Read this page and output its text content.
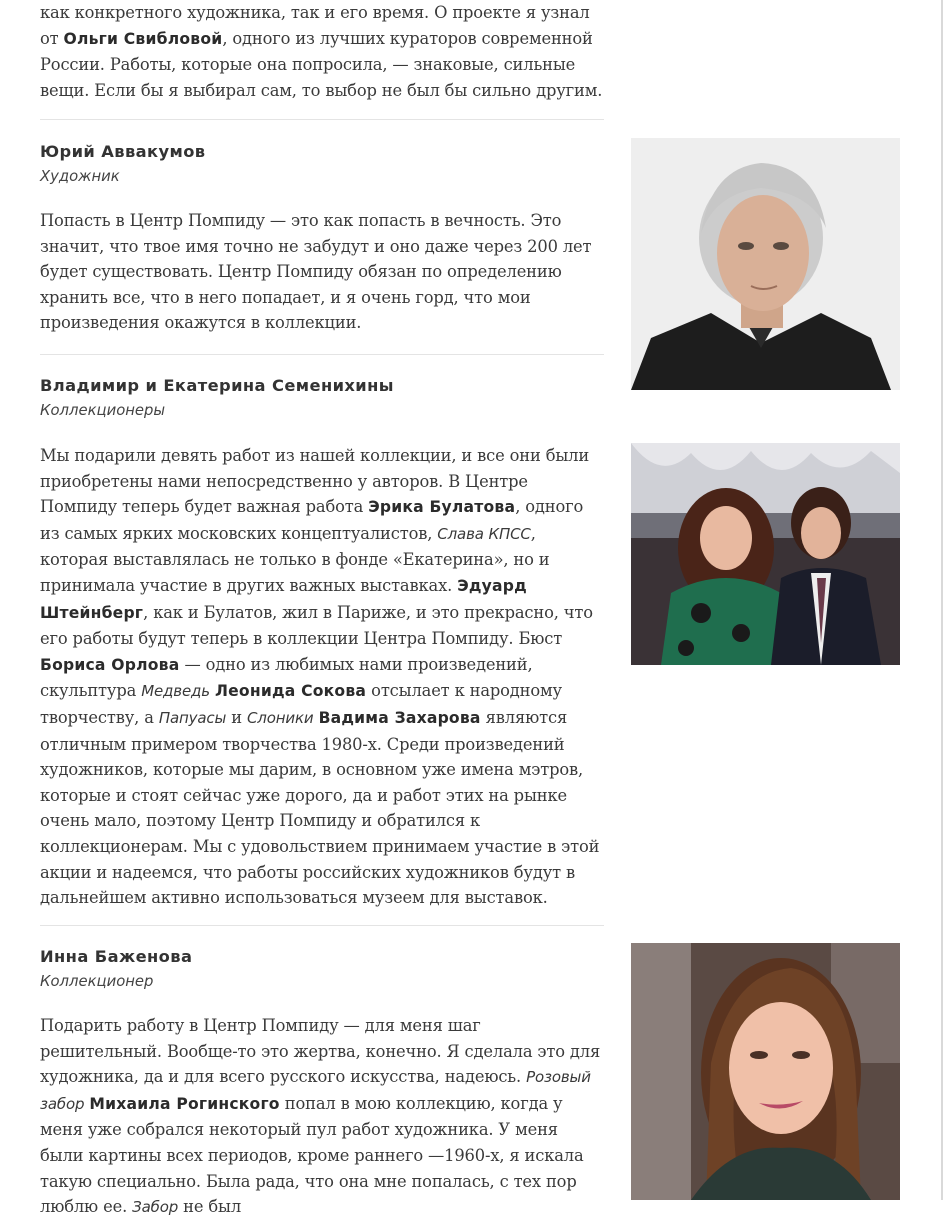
как конкретного художника, так и его время. О проекте я узнал от Ольги Свибловой, одного из лучших кураторов современной России. Работы, которые она попросила, — знаковые, сильные вещи. Если бы я выбирал сам, то выбор не был бы сильно другим.

Юрий Аввакумов

Художник

Попасть в Центр Помпиду — это как попасть в вечность. Это значит, что твое имя точно не забудут и оно даже через 200 лет будет существовать. Центр Помпиду обязан по определению хранить все, что в него попадает, и я очень горд, что мои произведения окажутся в коллекции.

Владимир и Екатерина Семенихины

Коллекционеры

Мы подарили девять работ из нашей коллекции, и все они были приобретены нами непосредственно у авторов. В Центре Помпиду теперь будет важная работа Эрика Булатова, одного из самых ярких московских концептуалистов, Слава КПСС, которая выставлялась не только в фонде «Екатерина», но и принимала участие в других важных выставках. Эдуард Штейнберг, как и Булатов, жил в Париже, и это прекрасно, что его работы будут теперь в коллекции Центра Помпиду. Бюст Бориса Орлова — одно из любимых нами произведений, скульптура Медведь Леонида Сокова отсылает к народному творчеству, а Папуасы и Слоники Вадима Захарова являются отличным примером творчества 1980-х. Среди произведений художников, которые мы дарим, в основном уже имена мэтров, которые и стоят сейчас уже дорого, да и работ этих на рынке очень мало, поэтому Центр Помпиду и обратился к коллекционерам. Мы с удовольствием принимаем участие в этой акции и надеемся, что работы российских художников будут в дальнейшем активно использоваться музеем для выставок.

Инна Баженова

Коллекционер

Подарить работу в Центр Помпиду — для меня шаг решительный. Вообще-то это жертва, конечно. Я сделала это для художника, да и для всего русского искусства, надеюсь. Розовый забор Михаила Рогинского попал в мою коллекцию, когда у меня уже собрался некоторый пул работ художника. У меня были картины всех периодов, кроме раннего —1960-х, я искала такую специально. Была рада, что она мне попалась, с тех пор люблю ее. Забор не был
